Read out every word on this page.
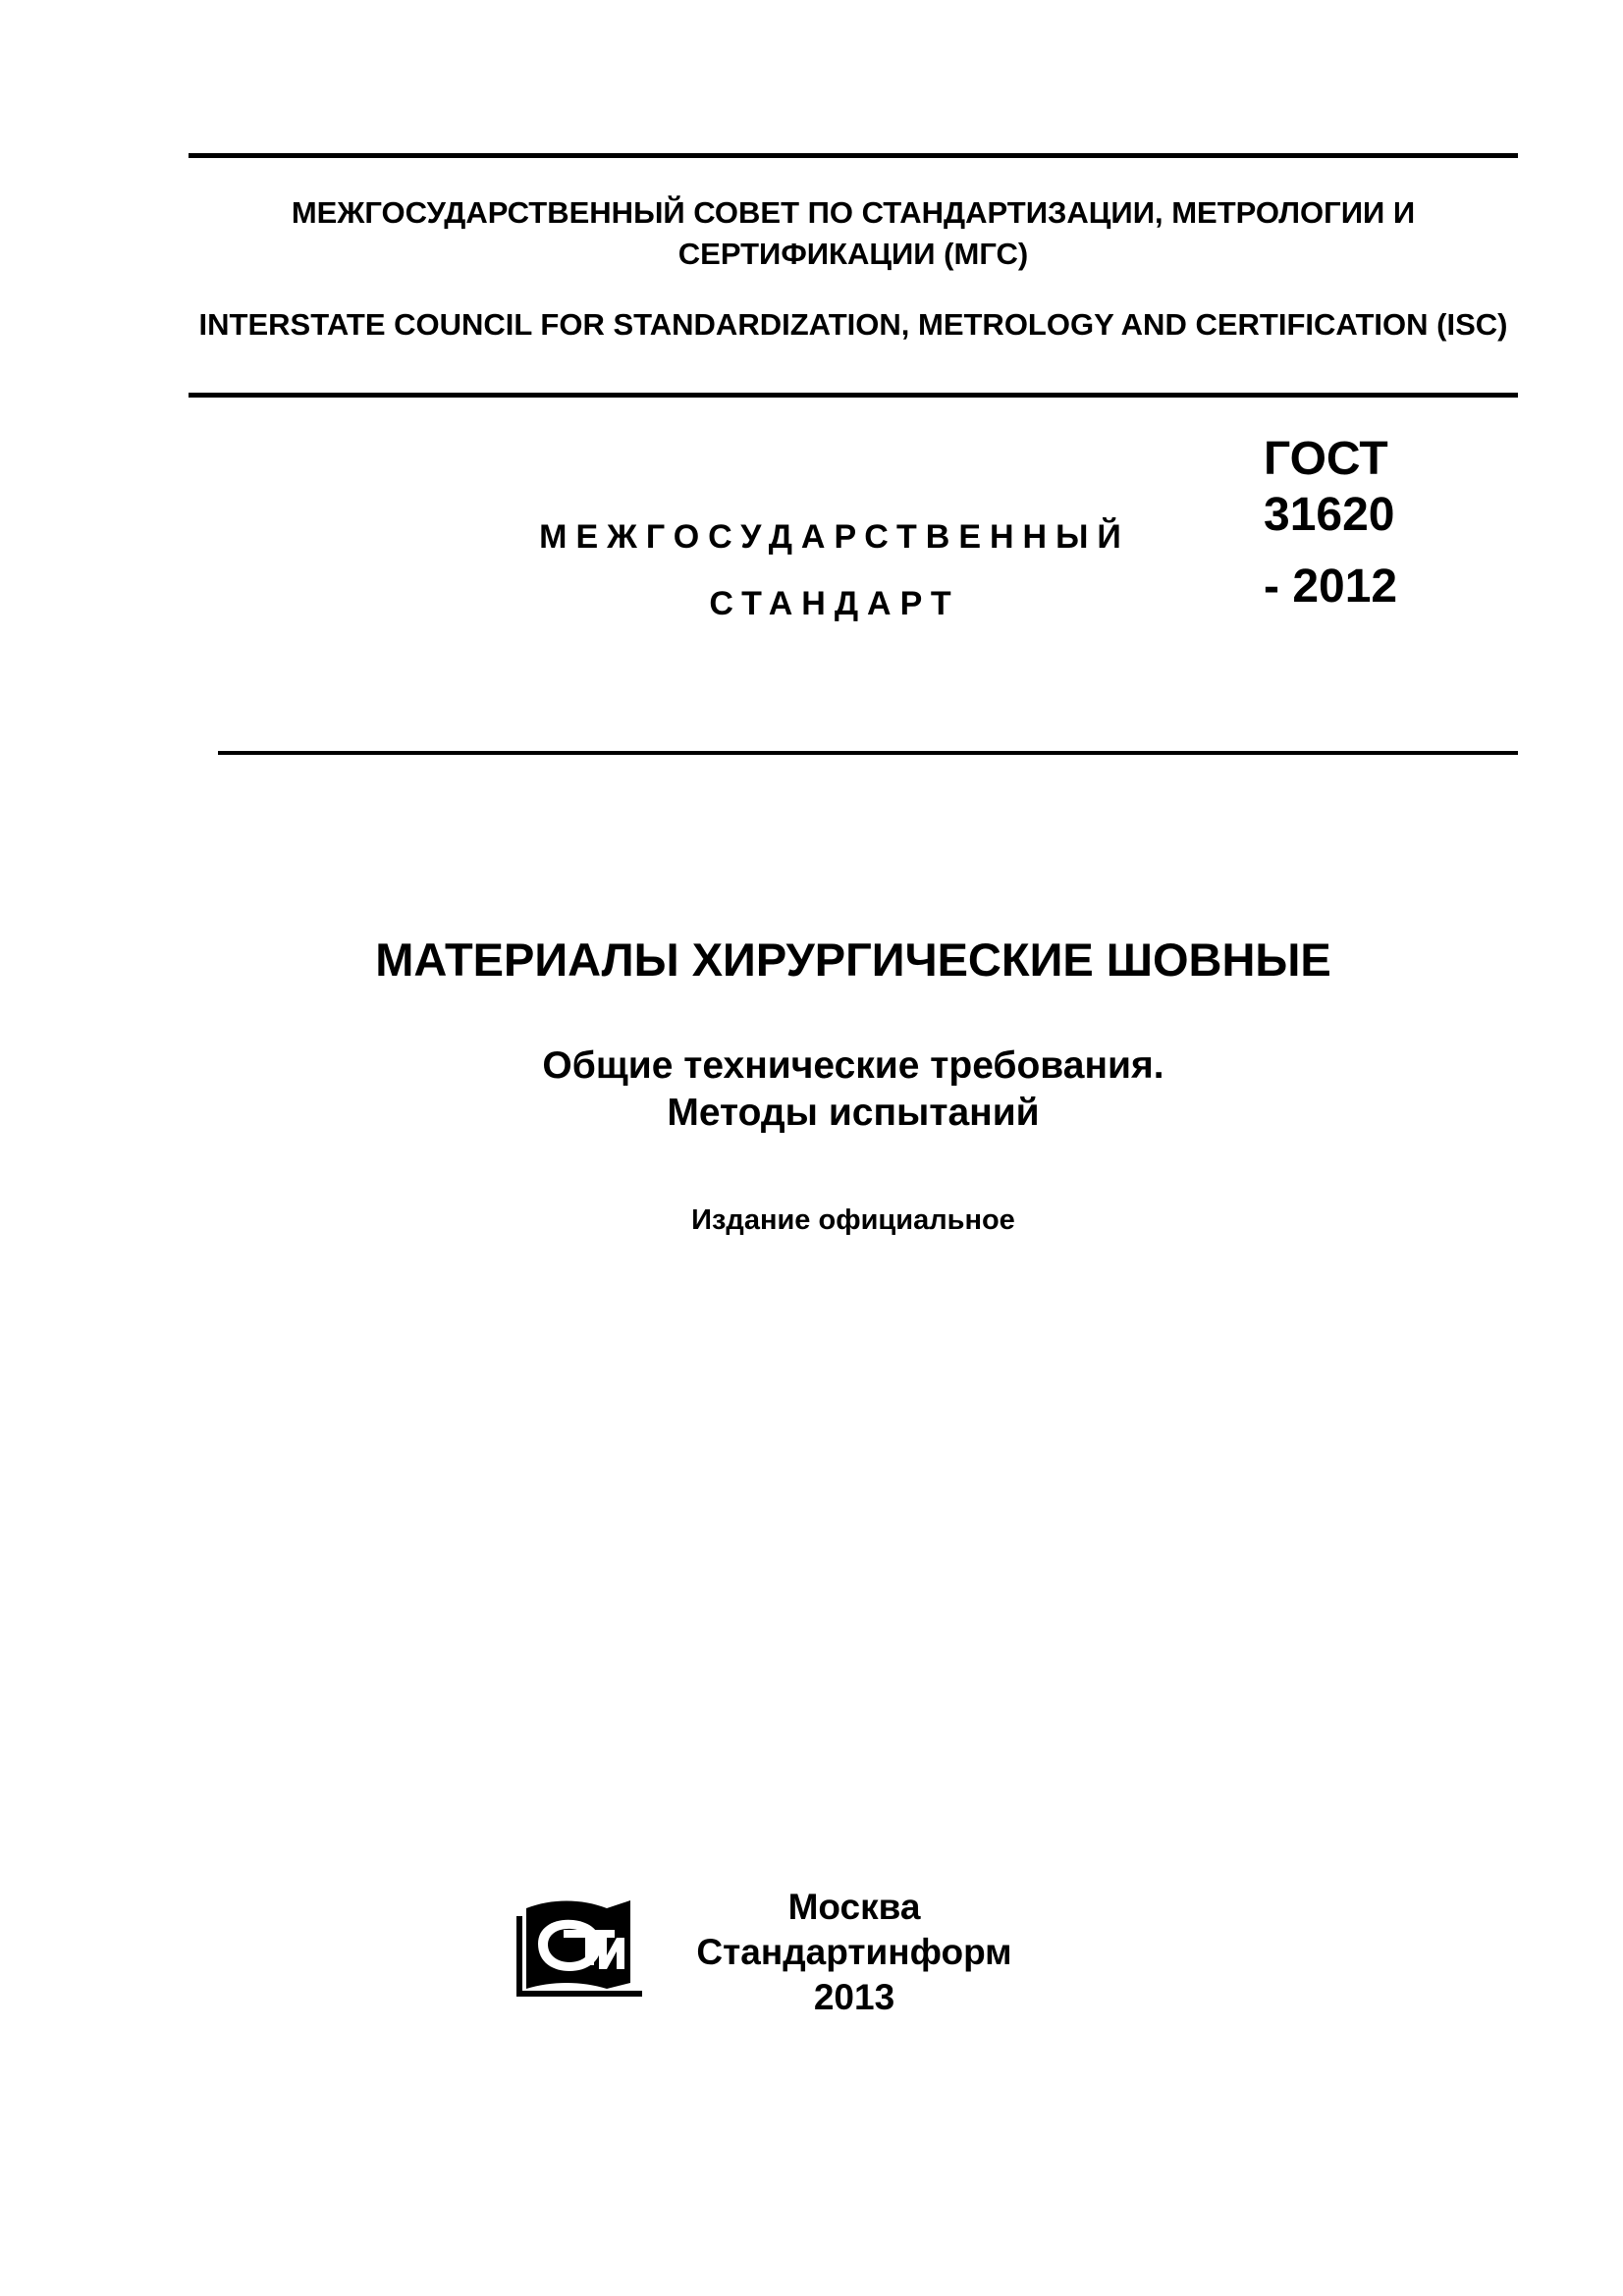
МЕЖГОСУДАРСТВЕННЫЙ СОВЕТ ПО СТАНДАРТИЗАЦИИ, МЕТРОЛОГИИ И СЕРТИФИКАЦИИ (МГС)
INTERSTATE COUNCIL FOR STANDARDIZATION, METROLOGY AND CERTIFICATION (ISC)
МЕЖГОСУДАРСТВЕННЫЙ
СТАНДАРТ
ГОСТ
31620
- 2012
МАТЕРИАЛЫ ХИРУРГИЧЕСКИЕ ШОВНЫЕ
Общие технические требования.
Методы испытаний
Издание официальное
Москва
Стандартинформ
2013
